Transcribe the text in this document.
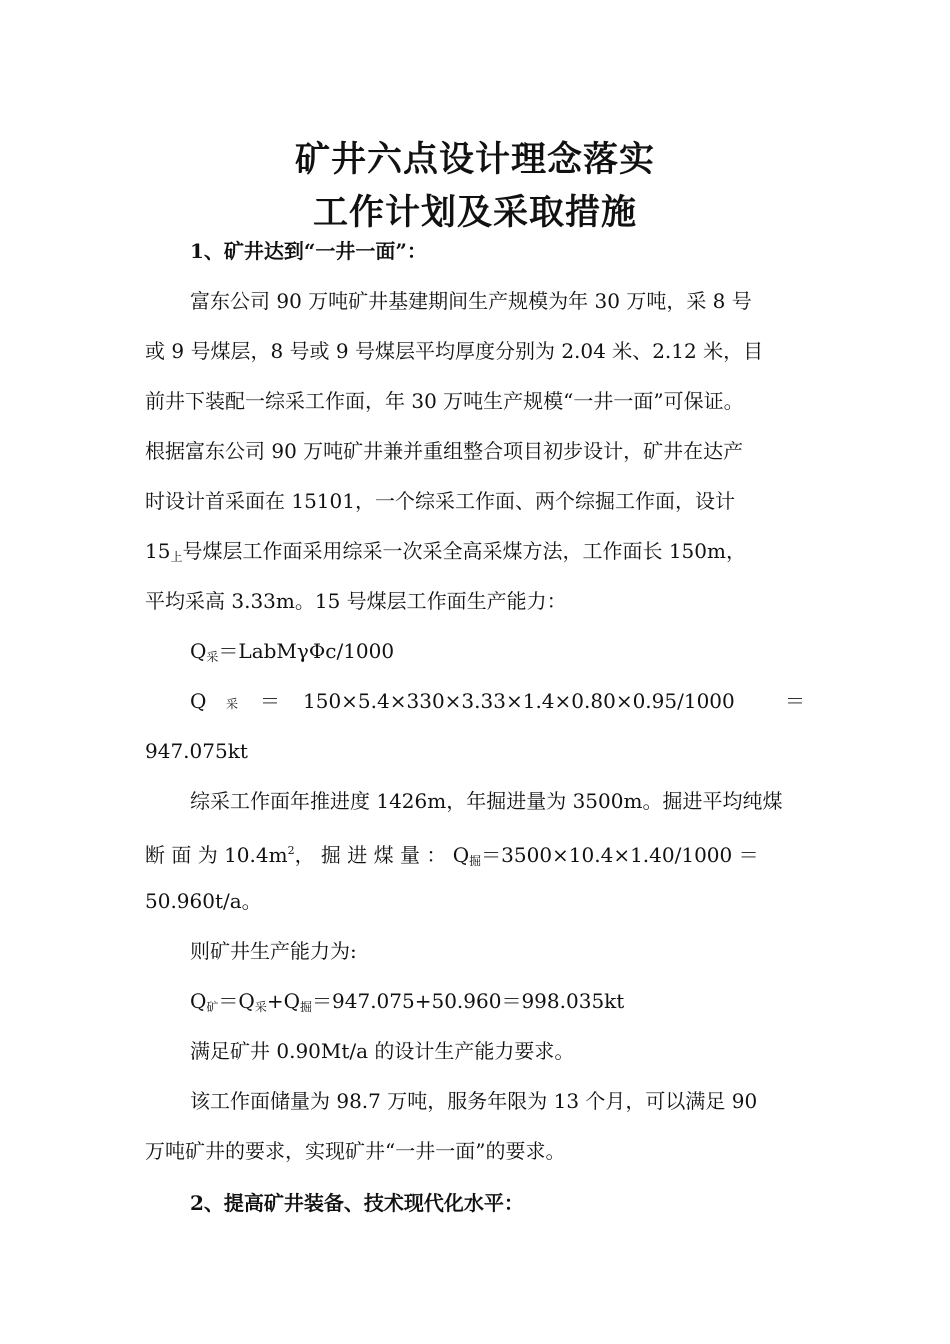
矿井六点设计理念落实
工作计划及采取措施
1、矿井达到“一井一面”：
富东公司 90 万吨矿井基建期间生产规模为年 30 万吨，采 8 号
或 9 号煤层，8 号或 9 号煤层平均厚度分别为 2.04 米、2.12 米，目
前井下装配一综采工作面，年 30 万吨生产规模“一井一面”可保证。
根据富东公司 90 万吨矿井兼并重组整合项目初步设计，矿井在达产
时设计首采面在 15101，一个综采工作面、两个综掘工作面，设计
$15_上$号煤层工作面采用综采一次采全高采煤方法，工作面长 150m，
平均采高 3.33m。15 号煤层工作面生产能力：
$Q_采=LabM\gamma\Phi c/1000$
Q 采 ＝ 150×5.4×330×3.33×1.4×0.80×0.95/1000	＝
947.075kt
综采工作面年推进度 1426m，年掘进量为 3500m。掘进平均纯煤
断 面 为 $10.4m^2$， 掘 进 煤 量 ： $Q_掘=3500\times 10.4\times 1.40/1000$ ＝
50.960t/a。
则矿井生产能力为:
$Q_矿=Q_采+Q_掘=947.075+50.960=998.035kt$
满足矿井 0.90Mt/a 的设计生产能力要求。
该工作面储量为 98.7 万吨，服务年限为 13 个月，可以满足 90
万吨矿井的要求，实现矿井“一井一面”的要求。
2、提高矿井装备、技术现代化水平：
